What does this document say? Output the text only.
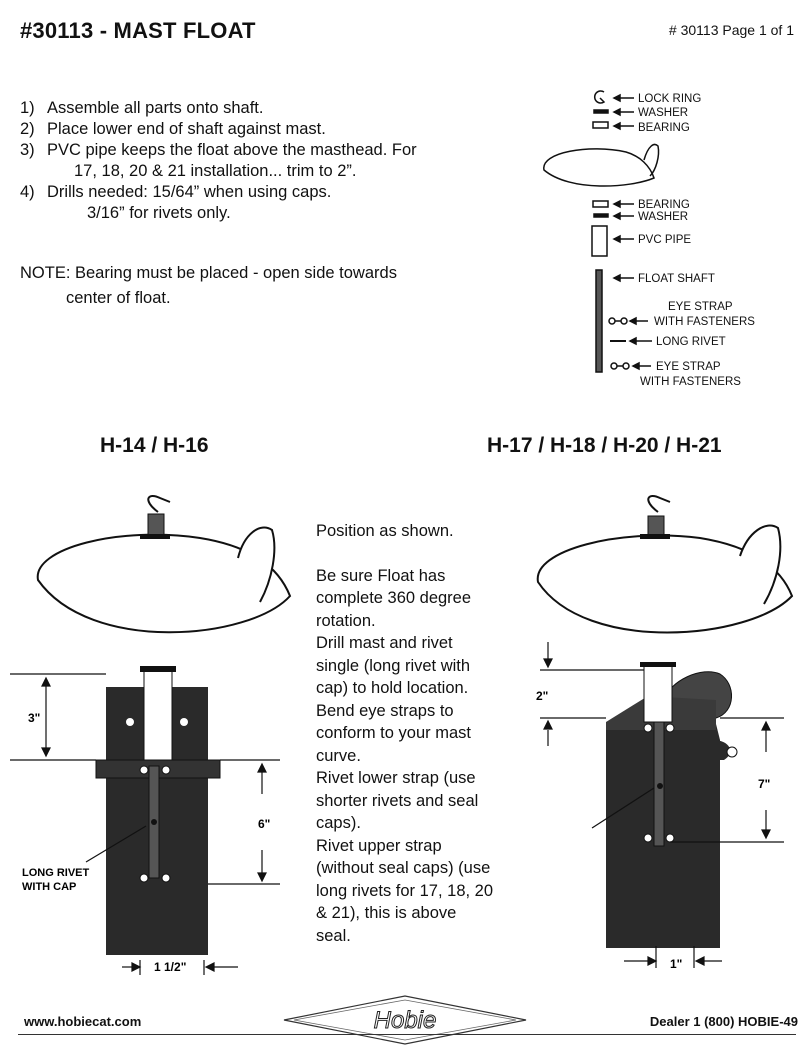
#30113 - MAST FLOAT	# 30113 Page 1 of 1
1) Assemble all parts onto shaft.
2) Place lower end of shaft against mast.
3) PVC pipe keeps the float above the masthead. For
17, 18, 20 & 21 installation... trim to 2”.
4) Drills needed: 15/64” when using caps.
3/16” for rivets only.
NOTE: Bearing must be placed - open side towards
center of float.
LOCK RING
WASHER
BEARING
BEARING
WASHER
PVC PIPE
FLOAT SHAFT
EYE STRAP
WITH FASTENERS
LONG RIVET
EYE STRAP
WITH FASTENERS
H-14 / H-16	H-17 / H-18 / H-20 / H-21
3"
6"
1 1/2"
LONG RIVET
WITH CAP

Position as shown.

Be sure Float has

complete 360 degree

rotation.

Drill mast and rivet

single (long rivet with

cap) to hold location.

Bend eye straps to

conform to your mast

curve.

Rivet lower strap (use

shorter rivets and seal

caps).

Rivet upper strap

(without seal caps) (use

long rivets for 17, 18, 20

& 21), this is above

seal.

2"
7"
1"
www.hobiecat.com	Hobie	Dealer 1 (800) HOBIE-49
